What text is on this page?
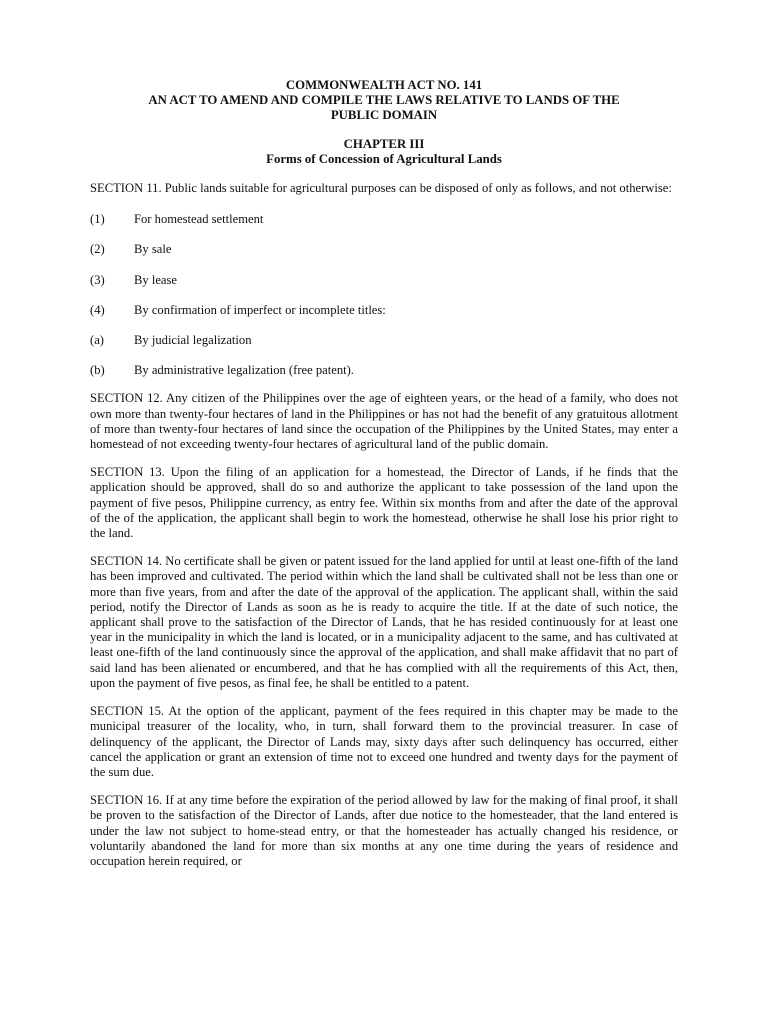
COMMONWEALTH ACT NO. 141
AN ACT TO AMEND AND COMPILE THE LAWS RELATIVE TO LANDS OF THE
PUBLIC DOMAIN
CHAPTER III
Forms of Concession of Agricultural Lands
SECTION 11. Public lands suitable for agricultural purposes can be disposed of only as follows, and not otherwise:
(1)	For homestead settlement
(2)	By sale
(3)	By lease
(4)	By confirmation of imperfect or incomplete titles:
(a)	By judicial legalization
(b)	By administrative legalization (free patent).
SECTION 12. Any citizen of the Philippines over the age of eighteen years, or the head of a family, who does not own more than twenty-four hectares of land in the Philippines or has not had the benefit of any gratuitous allotment of more than twenty-four hectares of land since the occupation of the Philippines by the United States, may enter a homestead of not exceeding twenty-four hectares of agricultural land of the public domain.
SECTION 13. Upon the filing of an application for a homestead, the Director of Lands, if he finds that the application should be approved, shall do so and authorize the applicant to take possession of the land upon the payment of five pesos, Philippine currency, as entry fee. Within six months from and after the date of the approval of the of the application, the applicant shall begin to work the homestead, otherwise he shall lose his prior right to the land.
SECTION 14. No certificate shall be given or patent issued for the land applied for until at least one-fifth of the land has been improved and cultivated. The period within which the land shall be cultivated shall not be less than one or more than five years, from and after the date of the approval of the application. The applicant shall, within the said period, notify the Director of Lands as soon as he is ready to acquire the title. If at the date of such notice, the applicant shall prove to the satisfaction of the Director of Lands, that he has resided continuously for at least one year in the municipality in which the land is located, or in a municipality adjacent to the same, and has cultivated at least one-fifth of the land continuously since the approval of the application, and shall make affidavit that no part of said land has been alienated or encumbered, and that he has complied with all the requirements of this Act, then, upon the payment of five pesos, as final fee, he shall be entitled to a patent.
SECTION 15. At the option of the applicant, payment of the fees required in this chapter may be made to the municipal treasurer of the locality, who, in turn, shall forward them to the provincial treasurer. In case of delinquency of the applicant, the Director of Lands may, sixty days after such delinquency has occurred, either cancel the application or grant an extension of time not to exceed one hundred and twenty days for the payment of the sum due.
SECTION 16. If at any time before the expiration of the period allowed by law for the making of final proof, it shall be proven to the satisfaction of the Director of Lands, after due notice to the homesteader, that the land entered is under the law not subject to home-stead entry, or that the homesteader has actually changed his residence, or voluntarily abandoned the land for more than six months at any one time during the years of residence and occupation herein required, or
